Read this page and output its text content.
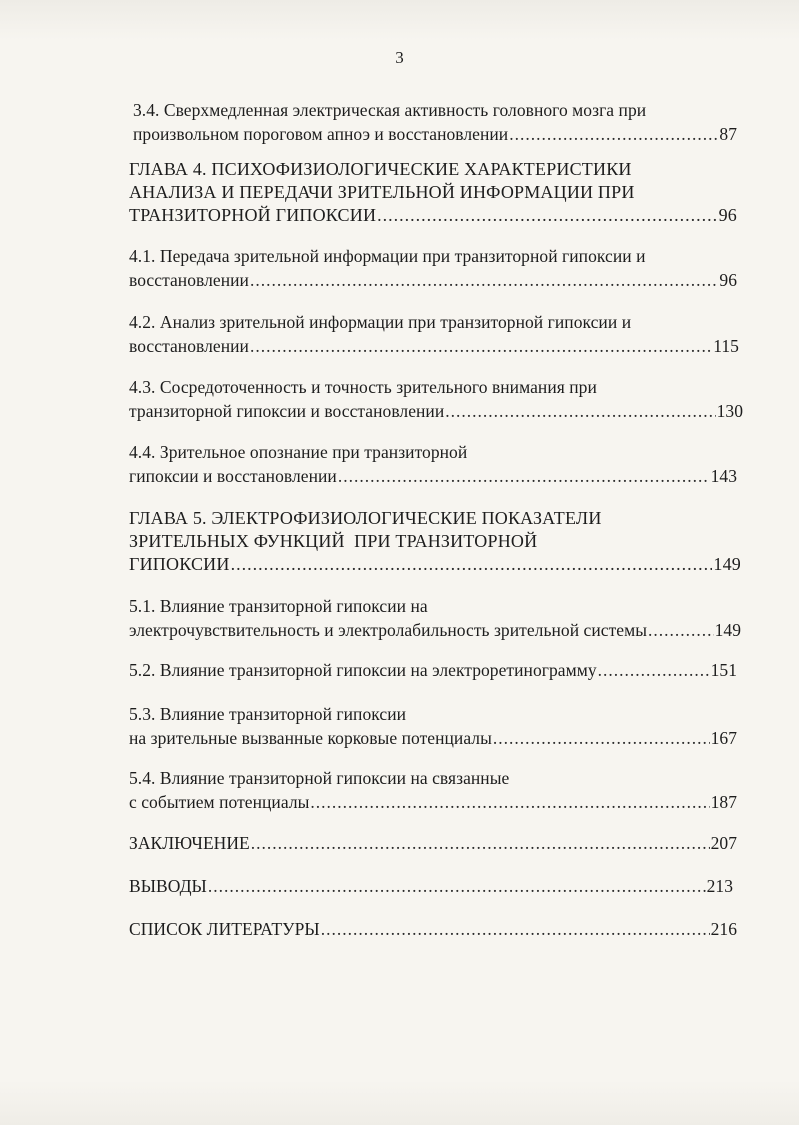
3
3.4. Сверхмедленная электрическая активность головного мозга при
произвольном пороговом апноэ и восстановлении .....	87
ГЛАВА 4. ПСИХОФИЗИОЛОГИЧЕСКИЕ ХАРАКТЕРИСТИКИ
АНАЛИЗА И ПЕРЕДАЧИ ЗРИТЕЛЬНОЙ ИНФОРМАЦИИ ПРИ
ТРАНЗИТОРНОЙ ГИПОКСИИ .....	96
4.1. Передача зрительной информации при транзиторной гипоксии и
восстановлении .....	96
4.2. Анализ зрительной информации при транзиторной гипоксии и
восстановлении .....	115
4.3. Сосредоточенность и точность зрительного внимания при
транзиторной гипоксии и восстановлении .....	130
4.4. Зрительное опознание при транзиторной
гипоксии и восстановлении .....	143
ГЛАВА 5. ЭЛЕКТРОФИЗИОЛОГИЧЕСКИЕ ПОКАЗАТЕЛИ
ЗРИТЕЛЬНЫХ ФУНКЦИЙ  ПРИ ТРАНЗИТОРНОЙ
ГИПОКСИИ .....	149
5.1. Влияние транзиторной гипоксии на
электрочувствительность и электролабильность зрительной системы .....	149
5.2. Влияние транзиторной гипоксии на электроретинограмму .....	151
5.3. Влияние транзиторной гипоксии
на зрительные вызванные корковые потенциалы .....	167
5.4. Влияние транзиторной гипоксии на связанные
с событием потенциалы .....	187
ЗАКЛЮЧЕНИЕ .....	207
ВЫВОДЫ .....	213
СПИСОК ЛИТЕРАТУРЫ .....	216
